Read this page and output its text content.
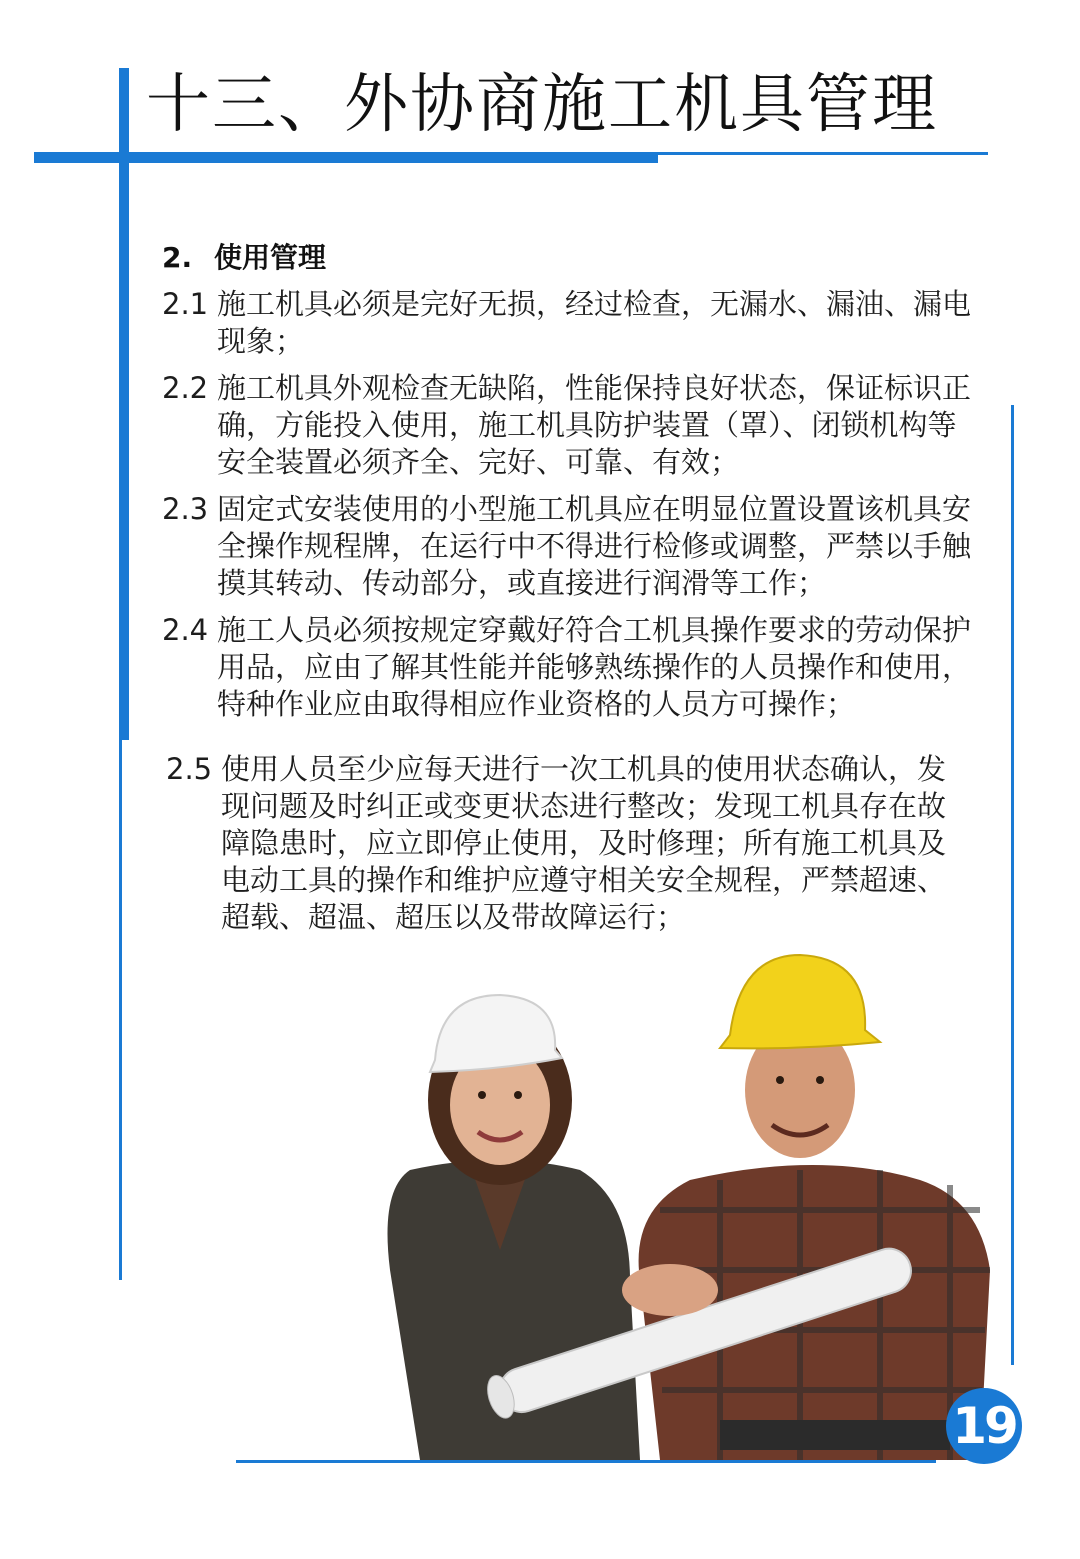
十三、外协商施工机具管理
2. 使用管理
2.1 施工机具必须是完好无损，经过检查，无漏水、漏油、漏电现象；
2.2 施工机具外观检查无缺陷，性能保持良好状态，保证标识正确，方能投入使用，施工机具防护装置（罩）、闭锁机构等安全装置必须齐全、完好、可靠、有效；
2.3 固定式安装使用的小型施工机具应在明显位置设置该机具安全操作规程牌，在运行中不得进行检修或调整，严禁以手触摸其转动、传动部分，或直接进行润滑等工作；
2.4 施工人员必须按规定穿戴好符合工机具操作要求的劳动保护用品，应由了解其性能并能够熟练操作的人员操作和使用，特种作业应由取得相应作业资格的人员方可操作；
2.5 使用人员至少应每天进行一次工机具的使用状态确认，发现问题及时纠正或变更状态进行整改；发现工机具存在故障隐患时，应立即停止使用，及时修理；所有施工机具及电动工具的操作和维护应遵守相关安全规程，严禁超速、超载、超温、超压以及带故障运行；
19
